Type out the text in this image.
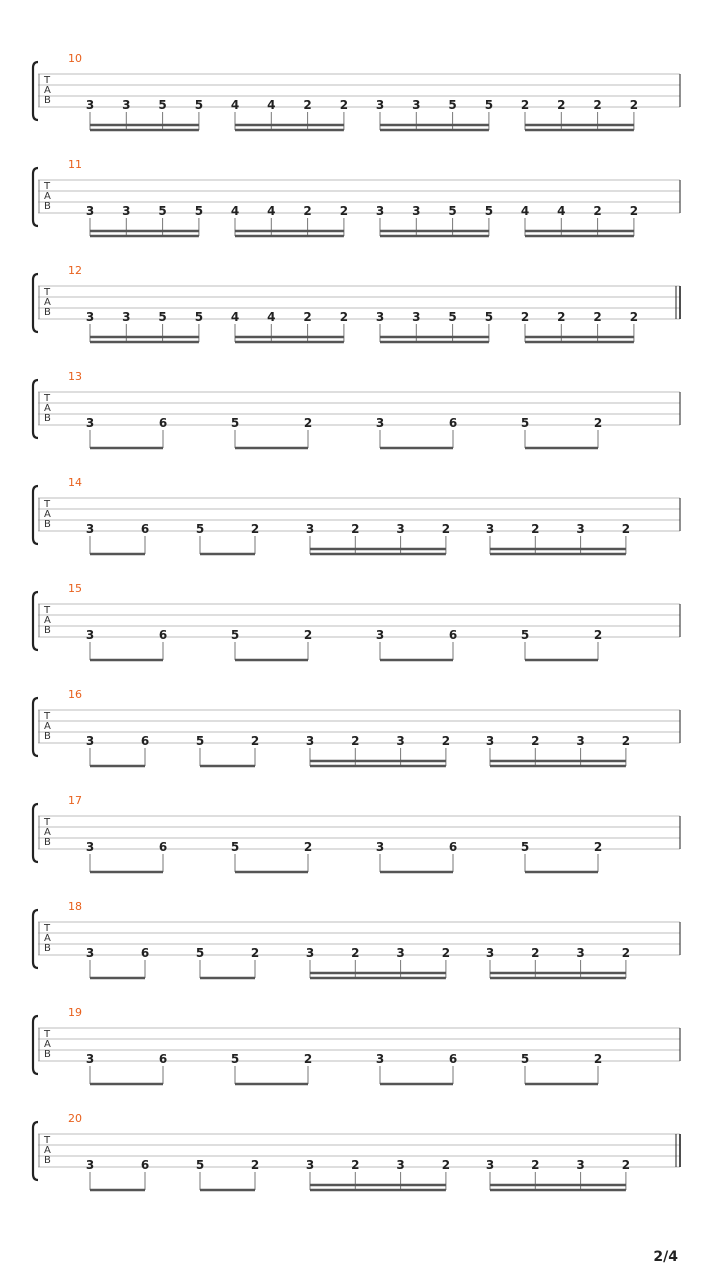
10
T
A
B	3 3 5 5 4 4 2 2 3 3 5 5 2 2 2 2
11
T
A
B	3 3 5 5 4 4 2 2 3 3 5 5 4 4 2 2
12
T
A
B	3 3 5 5 4 4 2 2 3 3 5 5 2 2 2 2
13
T
A
B	3	6	5	2	3	6	5	2
14
T
A
B	3	6	5	2	3	2	3	2	3	2	3	2
15
T
A
B	3	6	5	2	3	6	5	2
16
T
A
B	3	6	5	2	3	2	3	2	3	2	3	2
17
T
A
B	3	6	5	2	3	6	5	2
18
T
A
B	3	6	5	2	3	2	3	2	3	2	3	2
19
T
A
B	3	6	5	2	3	6	5	2
20
T
A
B	3	6	5	2	3	2	3	2	3	2	3	2
2/4
